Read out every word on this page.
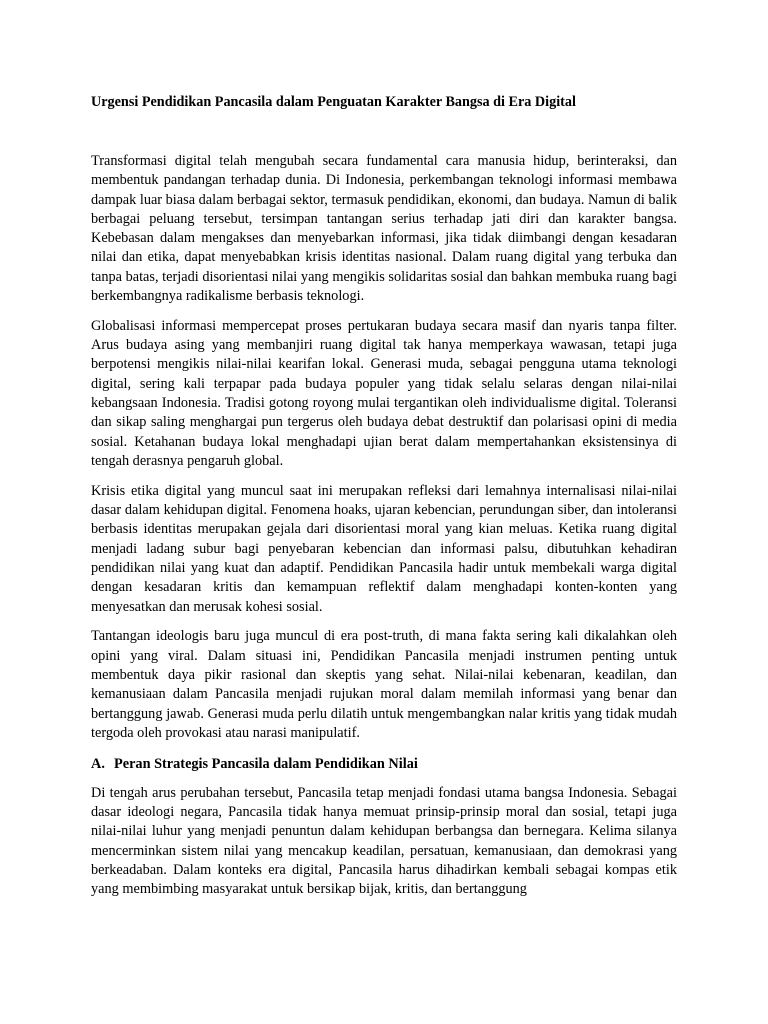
Urgensi Pendidikan Pancasila dalam Penguatan Karakter Bangsa di Era Digital

Transformasi digital telah mengubah secara fundamental cara manusia hidup, berinteraksi, dan membentuk pandangan terhadap dunia. Di Indonesia, perkembangan teknologi informasi membawa dampak luar biasa dalam berbagai sektor, termasuk pendidikan, ekonomi, dan budaya. Namun di balik berbagai peluang tersebut, tersimpan tantangan serius terhadap jati diri dan karakter bangsa. Kebebasan dalam mengakses dan menyebarkan informasi, jika tidak diimbangi dengan kesadaran nilai dan etika, dapat menyebabkan krisis identitas nasional. Dalam ruang digital yang terbuka dan tanpa batas, terjadi disorientasi nilai yang mengikis solidaritas sosial dan bahkan membuka ruang bagi berkembangnya radikalisme berbasis teknologi.

Globalisasi informasi mempercepat proses pertukaran budaya secara masif dan nyaris tanpa filter. Arus budaya asing yang membanjiri ruang digital tak hanya memperkaya wawasan, tetapi juga berpotensi mengikis nilai-nilai kearifan lokal. Generasi muda, sebagai pengguna utama teknologi digital, sering kali terpapar pada budaya populer yang tidak selalu selaras dengan nilai-nilai kebangsaan Indonesia. Tradisi gotong royong mulai tergantikan oleh individualisme digital. Toleransi dan sikap saling menghargai pun tergerus oleh budaya debat destruktif dan polarisasi opini di media sosial. Ketahanan budaya lokal menghadapi ujian berat dalam mempertahankan eksistensinya di tengah derasnya pengaruh global.

Krisis etika digital yang muncul saat ini merupakan refleksi dari lemahnya internalisasi nilai-nilai dasar dalam kehidupan digital. Fenomena hoaks, ujaran kebencian, perundungan siber, dan intoleransi berbasis identitas merupakan gejala dari disorientasi moral yang kian meluas. Ketika ruang digital menjadi ladang subur bagi penyebaran kebencian dan informasi palsu, dibutuhkan kehadiran pendidikan nilai yang kuat dan adaptif. Pendidikan Pancasila hadir untuk membekali warga digital dengan kesadaran kritis dan kemampuan reflektif dalam menghadapi konten-konten yang menyesatkan dan merusak kohesi sosial.

Tantangan ideologis baru juga muncul di era post-truth, di mana fakta sering kali dikalahkan oleh opini yang viral. Dalam situasi ini, Pendidikan Pancasila menjadi instrumen penting untuk membentuk daya pikir rasional dan skeptis yang sehat. Nilai-nilai kebenaran, keadilan, dan kemanusiaan dalam Pancasila menjadi rujukan moral dalam memilah informasi yang benar dan bertanggung jawab. Generasi muda perlu dilatih untuk mengembangkan nalar kritis yang tidak mudah tergoda oleh provokasi atau narasi manipulatif.

A. Peran Strategis Pancasila dalam Pendidikan Nilai

Di tengah arus perubahan tersebut, Pancasila tetap menjadi fondasi utama bangsa Indonesia. Sebagai dasar ideologi negara, Pancasila tidak hanya memuat prinsip-prinsip moral dan sosial, tetapi juga nilai-nilai luhur yang menjadi penuntun dalam kehidupan berbangsa dan bernegara. Kelima silanya mencerminkan sistem nilai yang mencakup keadilan, persatuan, kemanusiaan, dan demokrasi yang berkeadaban. Dalam konteks era digital, Pancasila harus dihadirkan kembali sebagai kompas etik yang membimbing masyarakat untuk bersikap bijak, kritis, dan bertanggung
